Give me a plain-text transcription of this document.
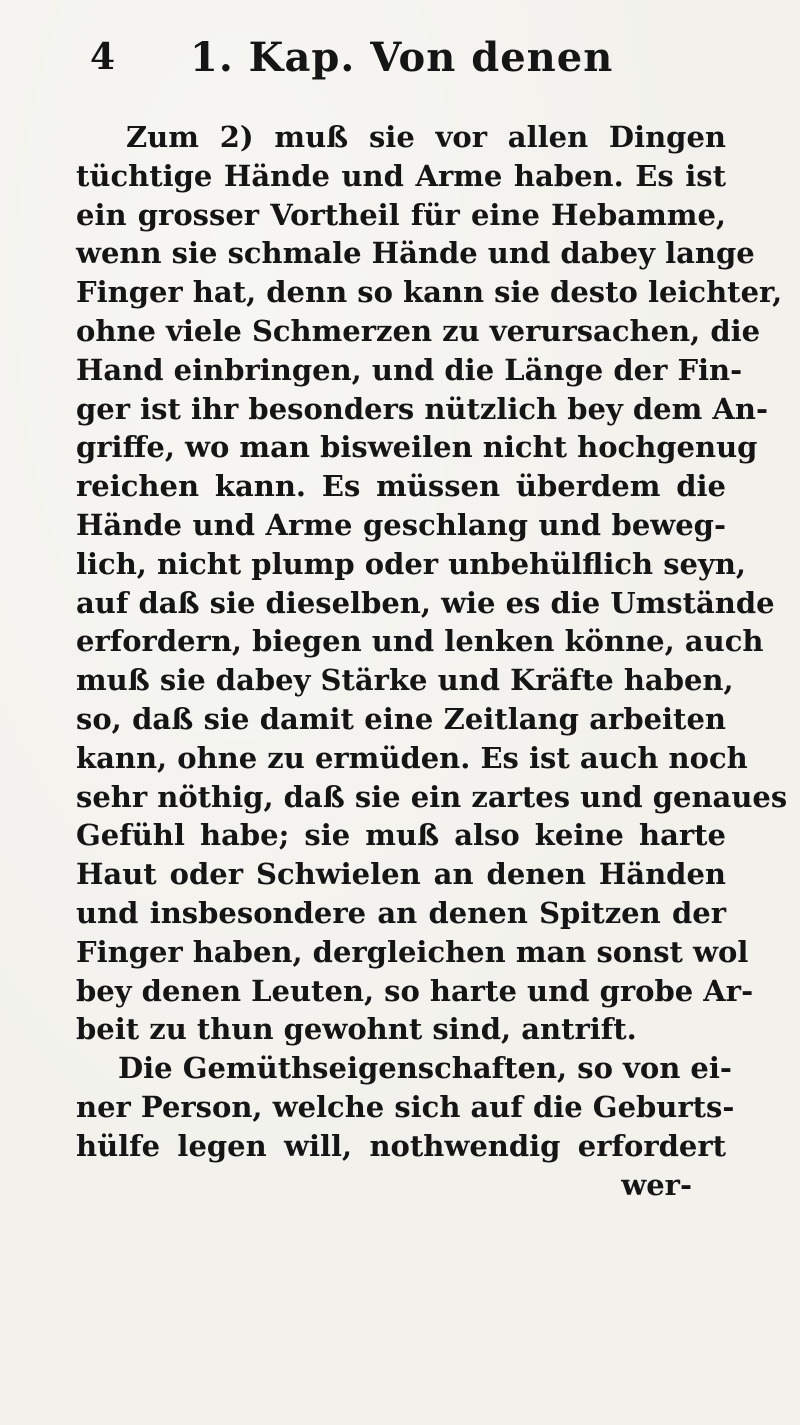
4 1. Kap. Von denen
Zum 2) muß sie vor allen Dingen
tüchtige Hände und Arme haben. Es ist
ein grosser Vortheil für eine Hebamme,
wenn sie schmale Hände und dabey lange
Finger hat, denn so kann sie desto leichter,
ohne viele Schmerzen zu verursachen, die
Hand einbringen, und die Länge der Fin-
ger ist ihr besonders nützlich bey dem An-
griffe, wo man bisweilen nicht hochgenug
reichen kann. Es müssen überdem die
Hände und Arme geschlang und beweg-
lich, nicht plump oder unbehülflich seyn,
auf daß sie dieselben, wie es die Umstände
erfordern, biegen und lenken könne, auch
muß sie dabey Stärke und Kräfte haben,
so, daß sie damit eine Zeitlang arbeiten
kann, ohne zu ermüden. Es ist auch noch
sehr nöthig, daß sie ein zartes und genaues
Gefühl habe; sie muß also keine harte
Haut oder Schwielen an denen Händen
und insbesondere an denen Spitzen der
Finger haben, dergleichen man sonst wol
bey denen Leuten, so harte und grobe Ar-
beit zu thun gewohnt sind, antrift.
Die Gemüthseigenschaften, so von ei-
ner Person, welche sich auf die Geburts-
hülfe legen will, nothwendig erfordert
wer-
